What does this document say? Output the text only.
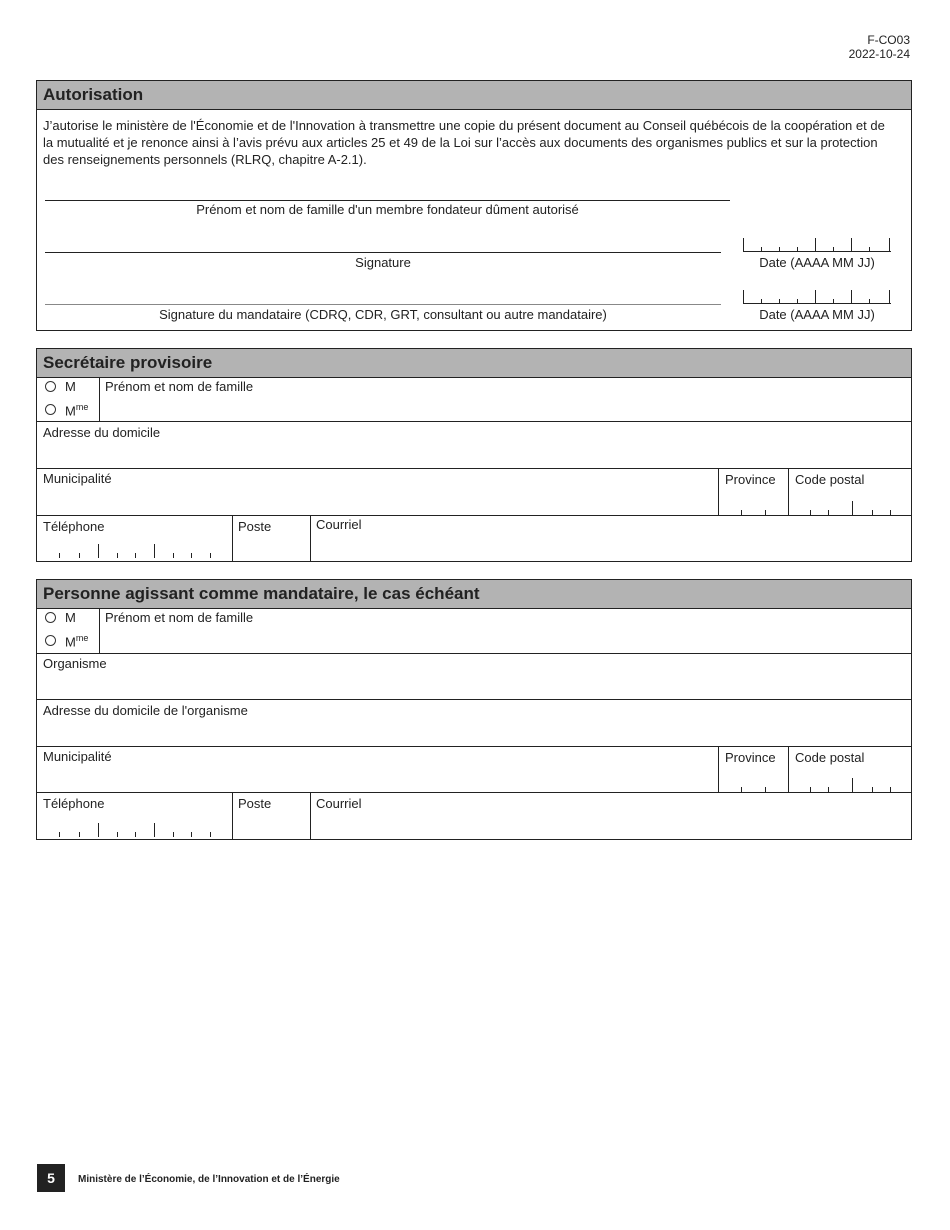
F-CO03
2022-10-24
Autorisation
J’autorise le ministère de l'Économie et de l'Innovation à transmettre une copie du présent document au Conseil québécois de la coopération et de la mutualité et je renonce ainsi à l’avis prévu aux articles 25 et 49 de la Loi sur l’accès aux documents des organismes publics et sur la protection des renseignements personnels (RLRQ, chapitre A-2.1).
Prénom et nom de famille d'un membre fondateur dûment autorisé
Signature	Date (AAAA MM JJ)
Signature du mandataire (CDRQ, CDR, GRT, consultant ou autre mandataire)	Date (AAAA MM JJ)
Secrétaire provisoire
M
$M^{me}$
Prénom et nom de famille
Adresse du domicile
Municipalité	Province Code postal
Téléphone	Poste	Courriel
Personne agissant comme mandataire, le cas échéant
M
$M^{me}$
Prénom et nom de famille
Organisme
Adresse du domicile de l'organisme
Municipalité	Province Code postal
Téléphone	Poste	Courriel
5	Ministère de l’Économie, de l’Innovation et de l’Énergie
